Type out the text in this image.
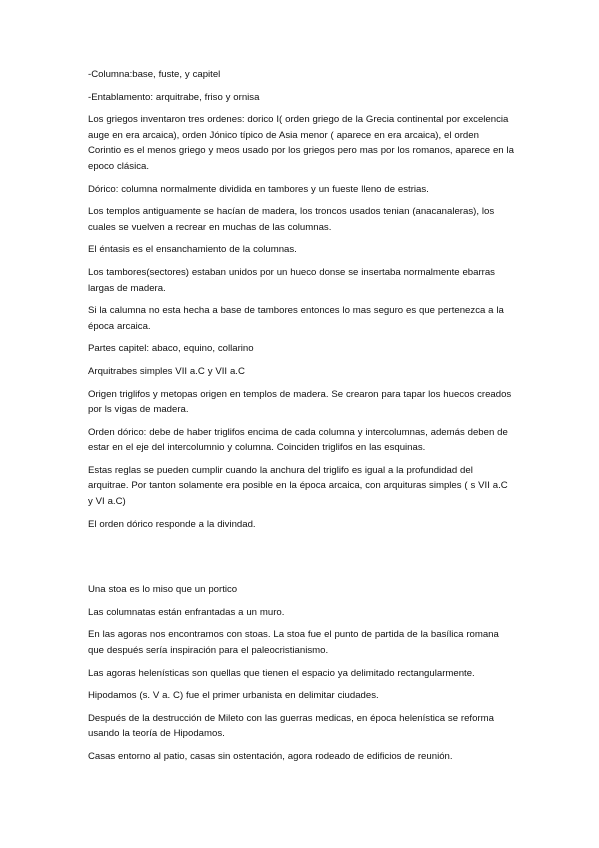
-Columna:base, fuste, y capitel

-Entablamento: arquitrabe, friso y ornisa

Los griegos inventaron tres ordenes: dorico I( orden griego de la Grecia continental por excelencia auge en era arcaica), orden Jónico típico de Asia menor ( aparece en era arcaica), el orden Corintio es el menos griego y meos usado por los griegos pero mas por los romanos, aparece en la epoco clásica.

Dórico: columna normalmente dividida en tambores y un fueste lleno de estrias.

Los templos antiguamente se hacían de madera, los troncos usados tenian (anacanaleras), los cuales se vuelven a recrear en muchas de las columnas.

El éntasis es el ensanchamiento de la columnas.

Los tambores(sectores) estaban unidos por un hueco donse se insertaba normalmente ebarras largas de madera.

Si la calumna no esta hecha a base de tambores entonces lo mas seguro es que pertenezca a la época arcaica.

Partes capitel: abaco, equino, collarino

Arquitrabes simples VII a.C y VII a.C

Origen triglifos y metopas origen en templos de madera. Se crearon para tapar los huecos creados por ls vigas de madera.

Orden dórico: debe de haber triglifos encima de cada columna y intercolumnas, además deben de estar en el eje del intercolumnio y columna. Coinciden triglifos en las esquinas.

Estas reglas se pueden cumplir cuando la anchura del triglifo es igual a la profundidad del arquitrae. Por tanton solamente era posible en la época arcaica, con arquituras simples ( s VII a.C y VI a.C)

El orden dórico responde a la divindad.

Una stoa es lo miso que un portico

Las columnatas están enfrantadas a un muro.

En las agoras nos encontramos con stoas. La stoa fue el punto de partida de la basílica romana que después sería inspiración para el paleocristianismo.

Las agoras helenísticas son quellas que tienen el espacio ya delimitado rectangularmente.

Hipodamos (s. V a. C) fue el primer urbanista en delimitar ciudades.

Después de la destrucción de Mileto con las guerras medicas, en época helenística se reforma usando la teoría de Hipodamos.

Casas entorno al patio, casas sin ostentación, agora rodeado de edificios de reunión.
